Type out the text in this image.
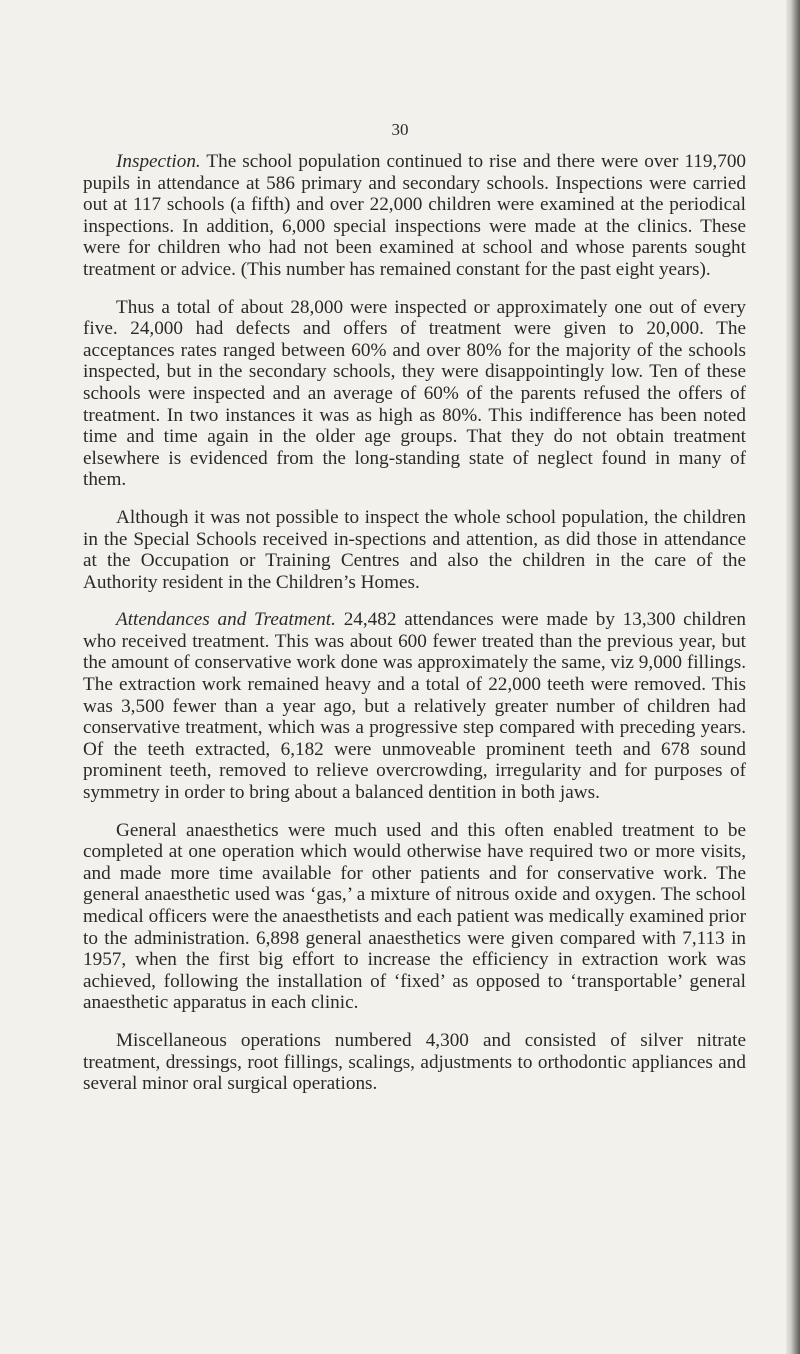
30

Inspection. The school population continued to rise and there were over 119,700 pupils in attendance at 586 primary and secondary schools. Inspections were carried out at 117 schools (a fifth) and over 22,000 children were examined at the periodical inspections. In addition, 6,000 special inspections were made at the clinics. These were for children who had not been examined at school and whose parents sought treatment or advice. (This number has remained constant for the past eight years).

Thus a total of about 28,000 were inspected or approximately one out of every five. 24,000 had defects and offers of treatment were given to 20,000. The acceptances rates ranged between 60% and over 80% for the majority of the schools inspected, but in the secondary schools, they were disappointingly low. Ten of these schools were inspected and an average of 60% of the parents refused the offers of treatment. In two instances it was as high as 80%. This indifference has been noted time and time again in the older age groups. That they do not obtain treatment elsewhere is evidenced from the long-standing state of neglect found in many of them.

Although it was not possible to inspect the whole school population, the children in the Special Schools received in-spections and attention, as did those in attendance at the Occupation or Training Centres and also the children in the care of the Authority resident in the Children’s Homes.

Attendances and Treatment. 24,482 attendances were made by 13,300 children who received treatment. This was about 600 fewer treated than the previous year, but the amount of conservative work done was approximately the same, viz 9,000 fillings. The extraction work remained heavy and a total of 22,000 teeth were removed. This was 3,500 fewer than a year ago, but a relatively greater number of children had conservative treatment, which was a progressive step compared with preceding years. Of the teeth extracted, 6,182 were unmoveable prominent teeth and 678 sound prominent teeth, removed to relieve overcrowding, irregularity and for purposes of symmetry in order to bring about a balanced dentition in both jaws.

General anaesthetics were much used and this often enabled treatment to be completed at one operation which would otherwise have required two or more visits, and made more time available for other patients and for conservative work. The general anaesthetic used was ‘gas,’ a mixture of nitrous oxide and oxygen. The school medical officers were the anaesthetists and each patient was medically examined prior to the administration. 6,898 general anaesthetics were given compared with 7,113 in 1957, when the first big effort to increase the efficiency in extraction work was achieved, following the installation of ‘fixed’ as opposed to ‘transportable’ general anaesthetic apparatus in each clinic.

Miscellaneous operations numbered 4,300 and consisted of silver nitrate treatment, dressings, root fillings, scalings, adjustments to orthodontic appliances and several minor oral surgical operations.
